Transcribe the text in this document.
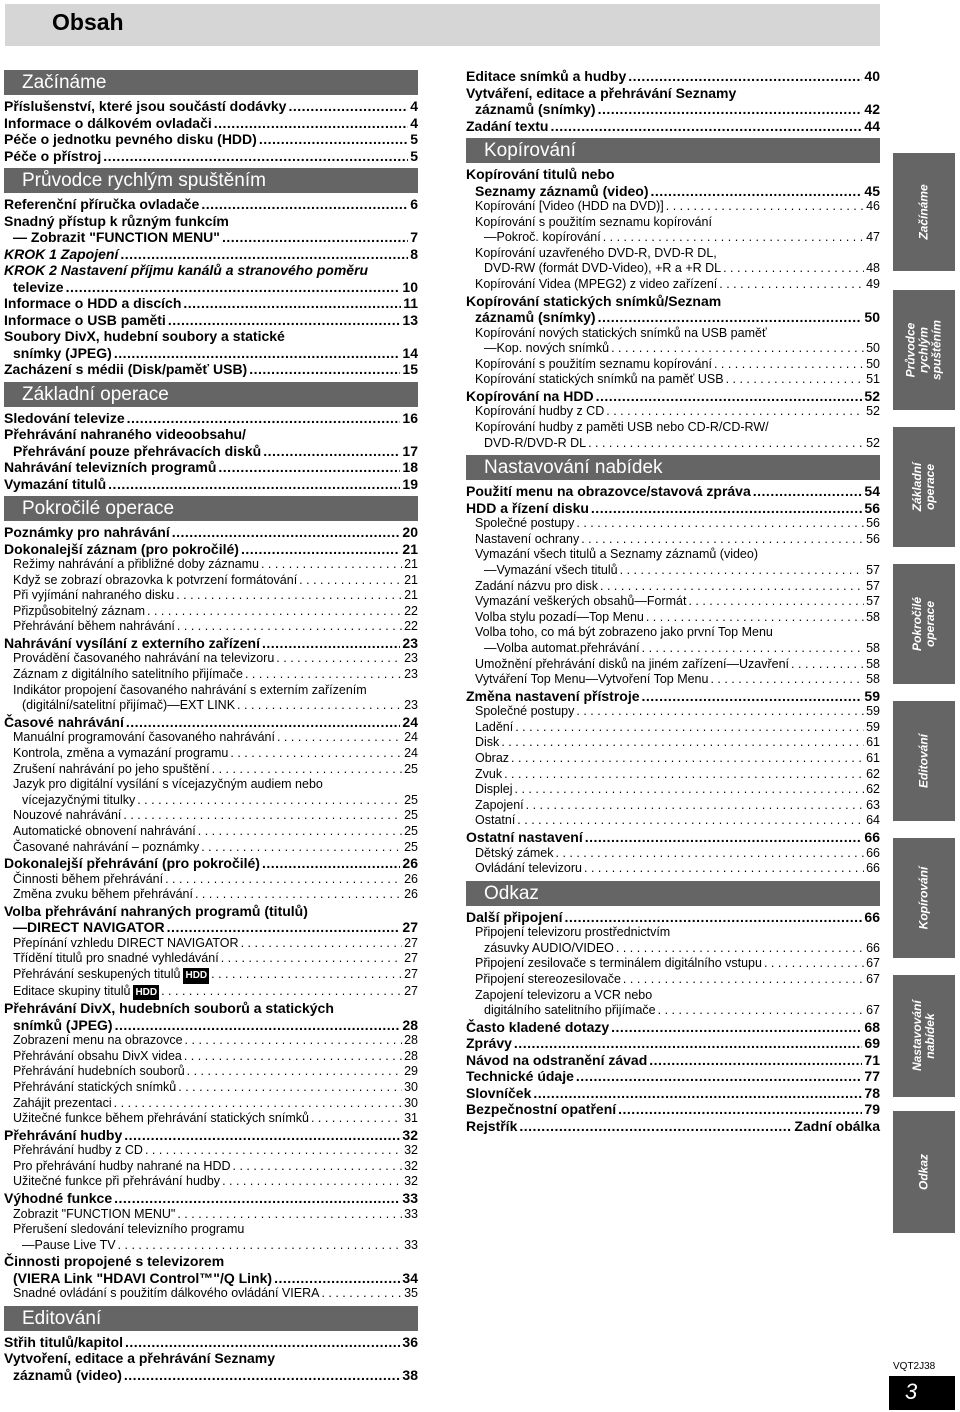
Obsah
Začínáme
Příslušenství, které jsou součástí dodávky .....	4
Informace o dálkovém ovladači .....	4
Péče o jednotku pevného disku (HDD) .....	5
Péče o přístroj .....	5
Průvodce rychlým spuštěním
Referenční příručka ovladače .....	6
Snadný přístup k různým funkcím
— Zobrazit "FUNCTION MENU" .....	7
KROK 1 Zapojení .....	8
KROK 2 Nastavení příjmu kanálů a stranového poměru
televize .....	10
Informace o HDD a discích .....	11
Informace o USB paměti .....	13
Soubory DivX, hudební soubory a statické
snímky (JPEG) .....	14
Zacházení s médii (Disk/paměť USB) .....	15
Základní operace
Sledování televize .....	16
Přehrávání nahraného videoobsahu/
Přehrávání pouze přehrávacích disků .....	17
Nahrávání televizních programů .....	18
Vymazání titulů .....	19
Pokročilé operace
Poznámky pro nahrávání .....	20
Dokonalejší záznam (pro pokročilé) .....	21
Režimy nahrávání a přibližné doby záznamu . . .	21
Když se zobrazí obrazovka k potvrzení formátování . . .	21
Při vyjímání nahraného disku . . .	21
Přizpůsobitelný záznam . . .	22
Přehrávání během nahrávání . . .	22
Nahrávání vysílání z externího zařízení .....	23
Provádění časovaného nahrávání na televizoru . . .	23
Záznam z digitálního satelitního přijímače . . .	23
Indikátor propojení časovaného nahrávání s externím zařízením
(digitální/satelitní přijímač)—EXT LINK . . .	23
Časové nahrávání .....	24
Manuální programování časovaného nahrávání . . .	24
Kontrola, změna a vymazání programu . . .	24
Zrušení nahrávání po jeho spuštění . . .	25
Jazyk pro digitální vysílání s vícejazyčným audiem nebo
vícejazyčnými titulky . . .	25
Nouzové nahrávání . . .	25
Automatické obnovení nahrávání . . .	25
Časované nahrávání – poznámky . . .	25
Dokonalejší přehrávání (pro pokročilé) .....	26
Činnosti během přehrávání . . .	26
Změna zvuku během přehrávání . . .	26
Volba přehrávání nahraných programů (titulů)
—DIRECT NAVIGATOR .....	27
Přepínání vzhledu DIRECT NAVIGATOR . . .	27
Třídění titulů pro snadné vyhledávání . . .	27
Přehrávání seskupených titulů HDD . . .	27
Editace skupiny titulů HDD . . .	27
Přehrávání DivX, hudebních souborů a statických
snímků (JPEG) .....	28
Zobrazení menu na obrazovce . . .	28
Přehrávání obsahu DivX videa . . .	28
Přehrávání hudebních souborů . . .	29
Přehrávání statických snímků . . .	30
Zahájit prezentaci . . .	30
Užitečné funkce během přehrávání statických snímků . . .	31
Přehrávání hudby .....	32
Přehrávání hudby z CD . . .	32
Pro přehrávání hudby nahrané na HDD . . .	32
Užitečné funkce při přehrávání hudby . . .	32
Výhodné funkce .....	33
Zobrazit "FUNCTION MENU" . . .	33
Přerušení sledování televizního programu
—Pause Live TV . . .	33
Činnosti propojené s televizorem
(VIERA Link "HDAVI Control™"/Q Link) .....	34
Snadné ovládání s použitím dálkového ovládání VIERA . . .	35
Editování
Střih titulů/kapitol .....	36
Vytvoření, editace a přehrávání Seznamy
záznamů (video) .....	38
Editace snímků a hudby .....	40
Vytváření, editace a přehrávání Seznamy
záznamů (snímky) .....	42
Zadání textu .....	44
Kopírování
Kopírování titulů nebo
Seznamy záznamů (video) .....	45
Kopírování [Video (HDD na DVD)] . . .	46
Kopírování s použitím seznamu kopírování
—Pokroč. kopírování . . .	47
Kopírování uzavřeného DVD-R, DVD-R DL,
DVD-RW (formát DVD-Video), +R a +R DL . . .	48
Kopírování Videa (MPEG2) z video zařízení . . .	49
Kopírování statických snímků/Seznam
záznamů (snímky) .....	50
Kopírování nových statických snímků na USB paměť
—Kop. nových snímků . . .	50
Kopírování s použitím seznamu kopírování . . .	50
Kopírování statických snímků na paměť USB . . .	51
Kopírování na HDD .....	52
Kopírování hudby z CD . . .	52
Kopírování hudby z paměti USB nebo CD-R/CD-RW/
DVD-R/DVD-R DL . . .	52
Nastavování nabídek
Použití menu na obrazovce/stavová zpráva .....	54
HDD a řízení disku .....	56
Společné postupy . . .	56
Nastavení ochrany . . .	56
Vymazání všech titulů a Seznamy záznamů (video)
—Vymazání všech titulů . . .	57
Zadání názvu pro disk . . .	57
Vymazání veškerých obsahů—Formát . . .	57
Volba stylu pozadí—Top Menu . . .	58
Volba toho, co má být zobrazeno jako první Top Menu
—Volba automat.přehrávání . . .	58
Umožnění přehrávání disků na jiném zařízení—Uzavření . . .	58
Vytváření Top Menu—Vytvoření Top Menu . . .	58
Změna nastavení přístroje .....	59
Společné postupy . . .	59
Ladění . . .	59
Disk . . .	61
Obraz . . .	61
Zvuk . . .	62
Displej . . .	62
Zapojení . . .	63
Ostatní . . .	64
Ostatní nastavení .....	66
Dětský zámek . . .	66
Ovládání televizoru . . .	66
Odkaz
Další připojení .....	66
Připojení televizoru prostřednictvím
zásuvky AUDIO/VIDEO . . .	66
Připojení zesilovače s terminálem digitálního vstupu . . .	67
Připojení stereozesilovače . . .	67
Zapojení televizoru a VCR nebo
digitálního satelitního přijímače . . .	67
Často kladené dotazy .....	68
Zprávy .....	69
Návod na odstranění závad .....	71
Technické údaje .....	77
Slovníček .....	78
Bezpečnostní opatření .....	79
Rejstřík .....	Zadní obálka
Začínáme
Průvodce rychlým spuštěním
Základní operace
Pokročilé operace
Editování
Kopírování
Nastavování nabídek
Odkaz
VQT2J38
3
